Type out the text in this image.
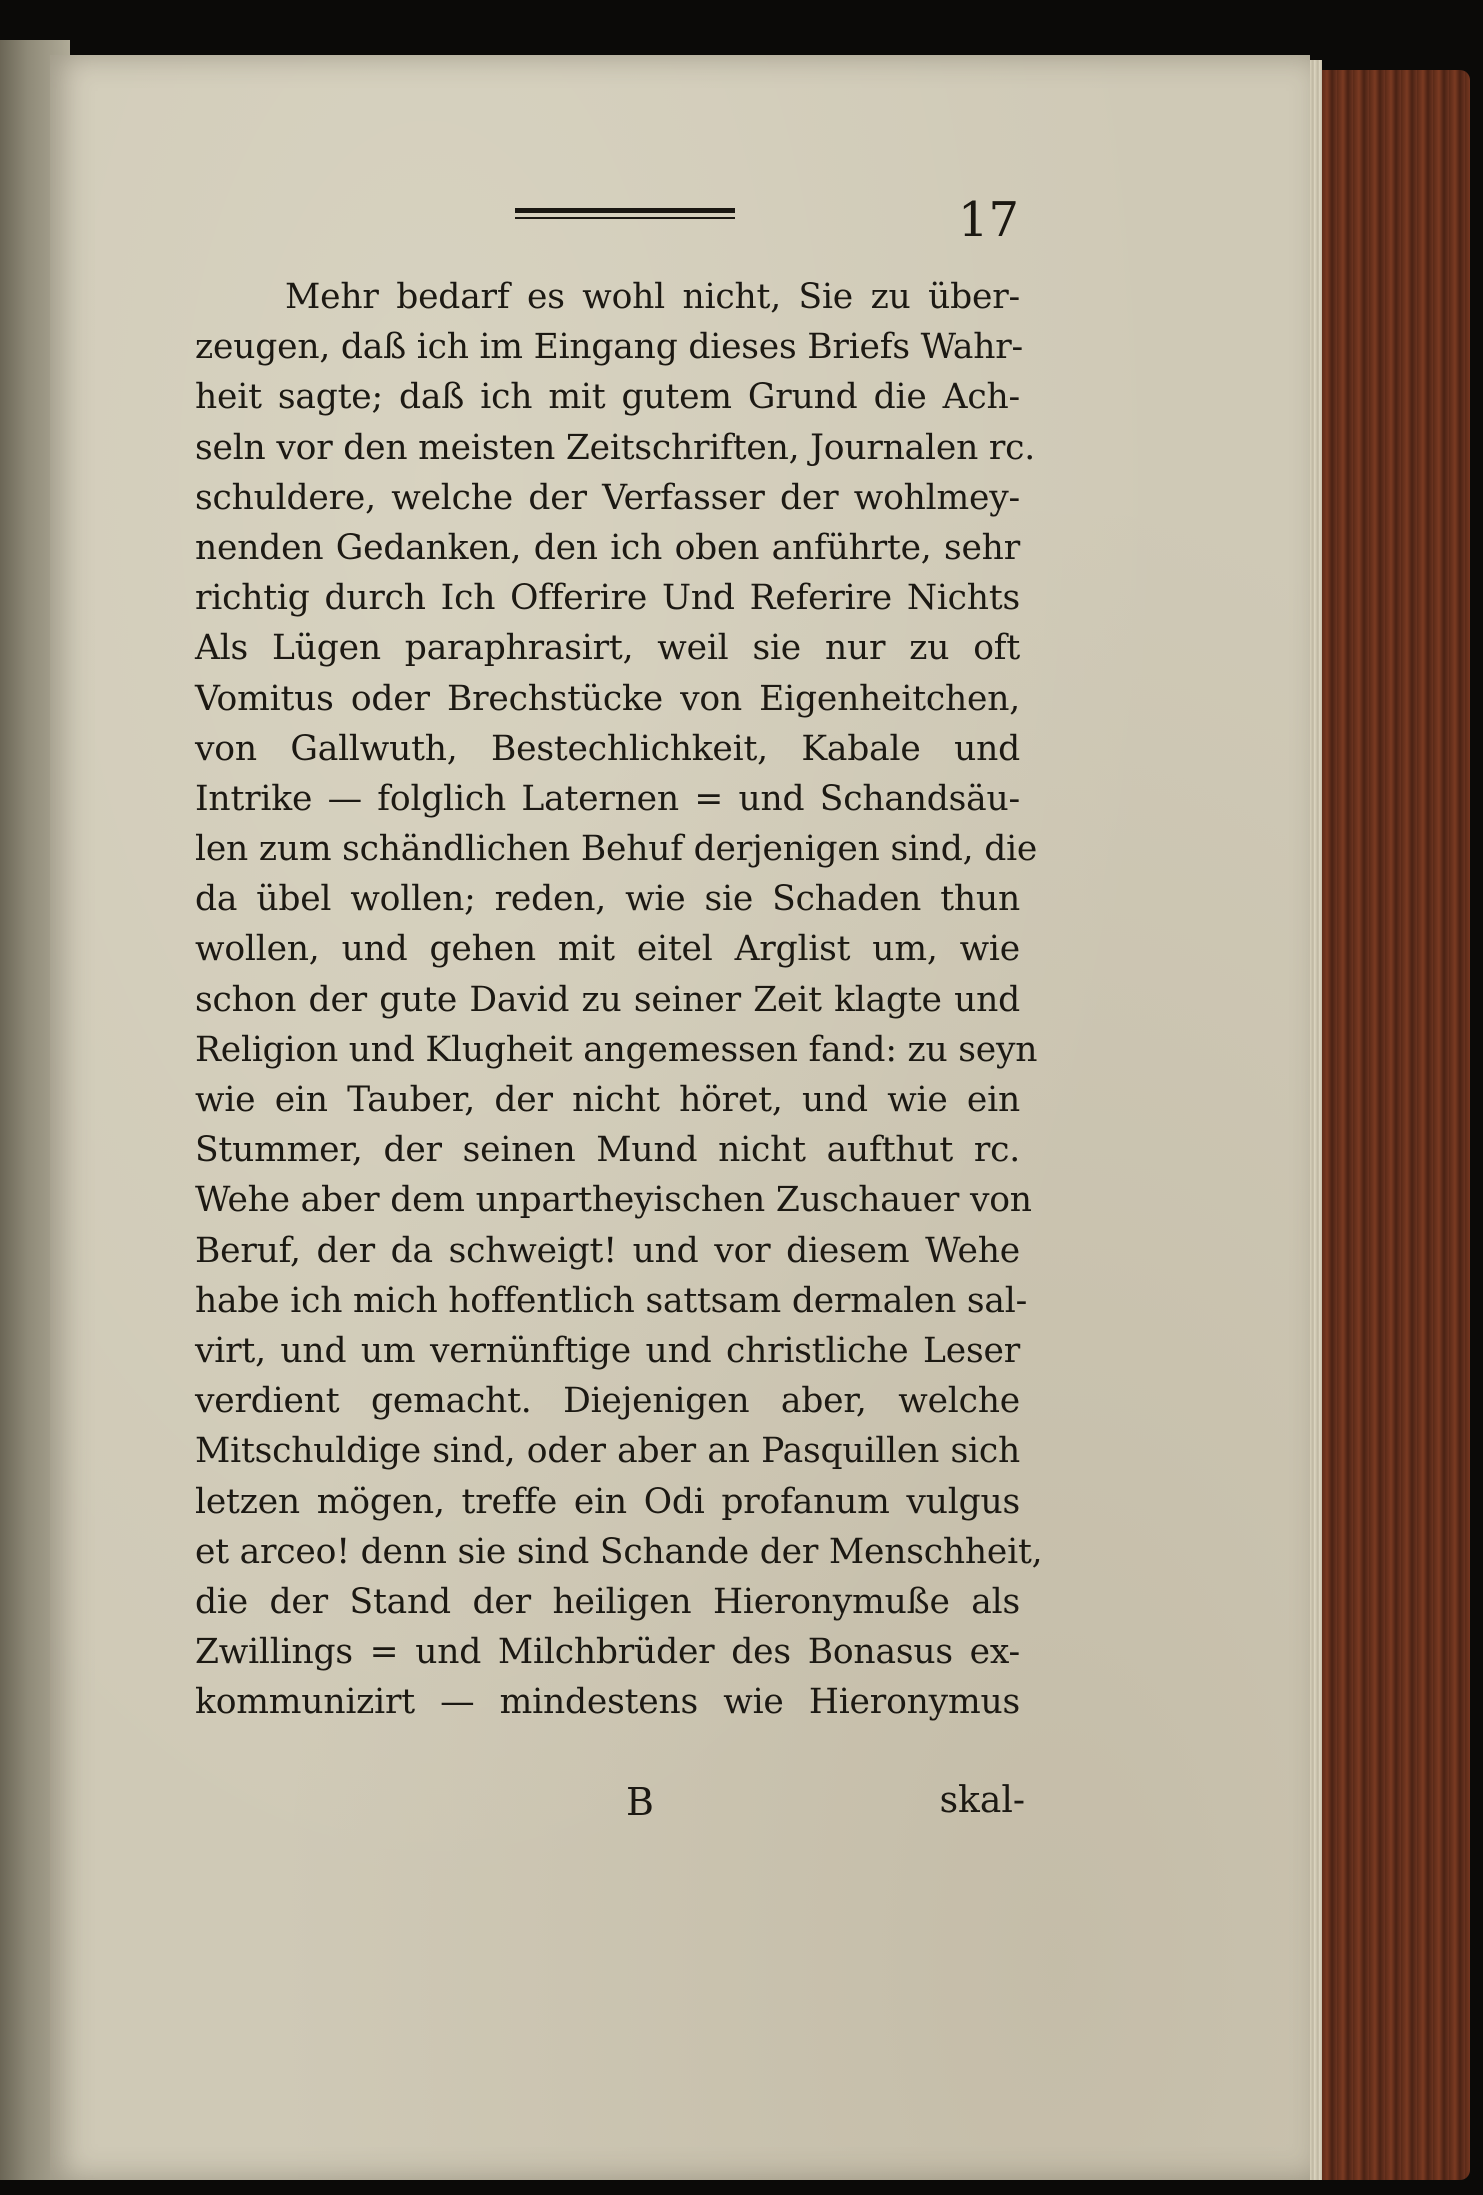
17
Mehr bedarf es wohl nicht, Sie zu über-
zeugen, daß ich im Eingang dieses Briefs Wahr-
heit sagte; daß ich mit gutem Grund die Ach-
seln vor den meisten Zeitschriften, Journalen rc.
schuldere, welche der Verfasser der wohlmey-
nenden Gedanken, den ich oben anführte, sehr
richtig durch Ich Offerire Und Referire Nichts
Als Lügen paraphrasirt, weil sie nur zu oft
Vomitus oder Brechstücke von Eigenheitchen,
von Gallwuth, Bestechlichkeit, Kabale und
Intrike — folglich Laternen = und Schandsäu-
len zum schändlichen Behuf derjenigen sind, die
da übel wollen; reden, wie sie Schaden thun
wollen, und gehen mit eitel Arglist um, wie
schon der gute David zu seiner Zeit klagte und
Religion und Klugheit angemessen fand: zu seyn
wie ein Tauber, der nicht höret, und wie ein
Stummer, der seinen Mund nicht aufthut rc.
Wehe aber dem unpartheyischen Zuschauer von
Beruf, der da schweigt! und vor diesem Wehe
habe ich mich hoffentlich sattsam dermalen sal-
virt, und um vernünftige und christliche Leser
verdient gemacht. Diejenigen aber, welche
Mitschuldige sind, oder aber an Pasquillen sich
letzen mögen, treffe ein Odi profanum vulgus
et arceo! denn sie sind Schande der Menschheit,
die der Stand der heiligen Hieronymuße als
Zwillings = und Milchbrüder des Bonasus ex-
kommunizirt — mindestens wie Hieronymus
B	skal-
